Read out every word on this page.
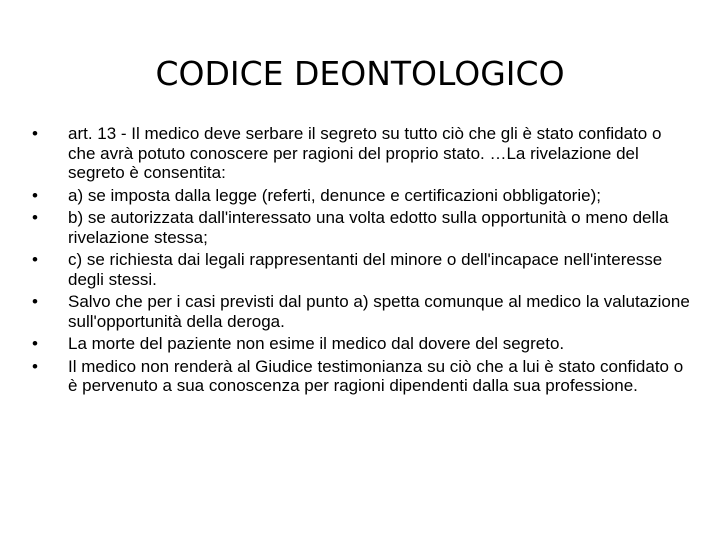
CODICE DEONTOLOGICO
• art. 13 - Il medico deve serbare il segreto su tutto ciò che gli è stato confidato o che avrà potuto conoscere per ragioni del proprio stato. …La rivelazione del segreto è consentita:
• a) se imposta dalla legge (referti, denunce e certificazioni obbligatorie);
• b) se autorizzata dall'interessato una volta edotto sulla opportunità o meno della rivelazione stessa;
• c) se richiesta dai legali rappresentanti del minore o dell'incapace nell'interesse degli stessi.
• Salvo che per i casi previsti dal punto a) spetta comunque al medico la valutazione sull'opportunità della deroga.
• La morte del paziente non esime il medico dal dovere del segreto.
• Il medico non renderà al Giudice testimonianza su ciò che a lui è stato confidato o è pervenuto a sua conoscenza per ragioni dipendenti dalla sua professione.
